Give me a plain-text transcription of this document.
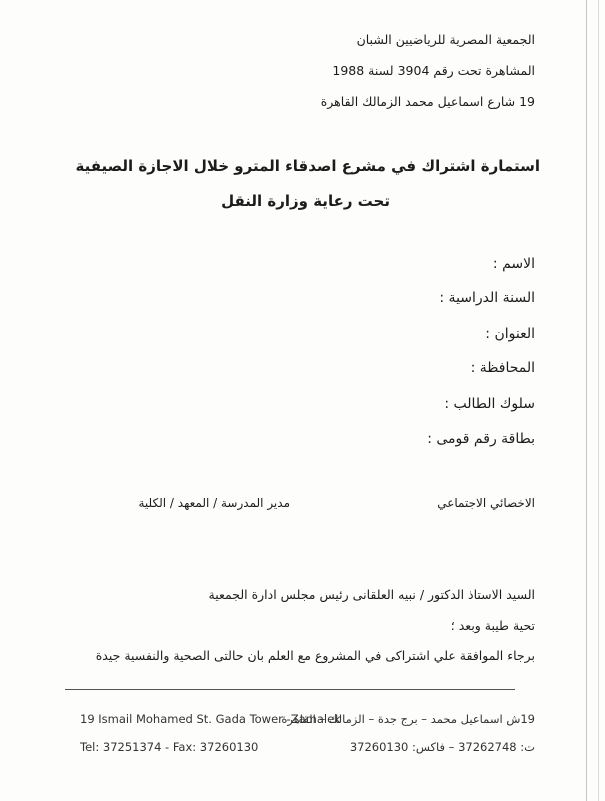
الجمعية المصرية للرياضيين الشبان
المشاهرة تحت رقم 3904 لسنة 1988
19 شارع اسماعيل محمد الزمالك القاهرة
استمارة اشتراك في مشرع اصدقاء المترو خلال الاجازة الصيفية
تحت رعاية وزارة النقل
الاسم :
السنة الدراسية :
العنوان :
المحافظة :
سلوك الطالب :
بطاقة رقم قومى :
الاخصائي الاجتماعي
مدير المدرسة / المعهد / الكلية
السيد الاستاذ الدكتور / نبيه العلقانى رئيس مجلس ادارة الجمعية
تحية طيبة وبعد ؛
برجاء الموافقة علي اشتراكى في المشروع مع العلم بان حالتى الصحية والنفسية جيدة
19 Ismail Mohamed St. Gada Tower -Zamalek
19ش اسماعيل محمد – برج جدة – الزمالك – القاهرة
Tel: 37251374 - Fax: 37260130	ت: 37262748 – فاكس: 37260130
